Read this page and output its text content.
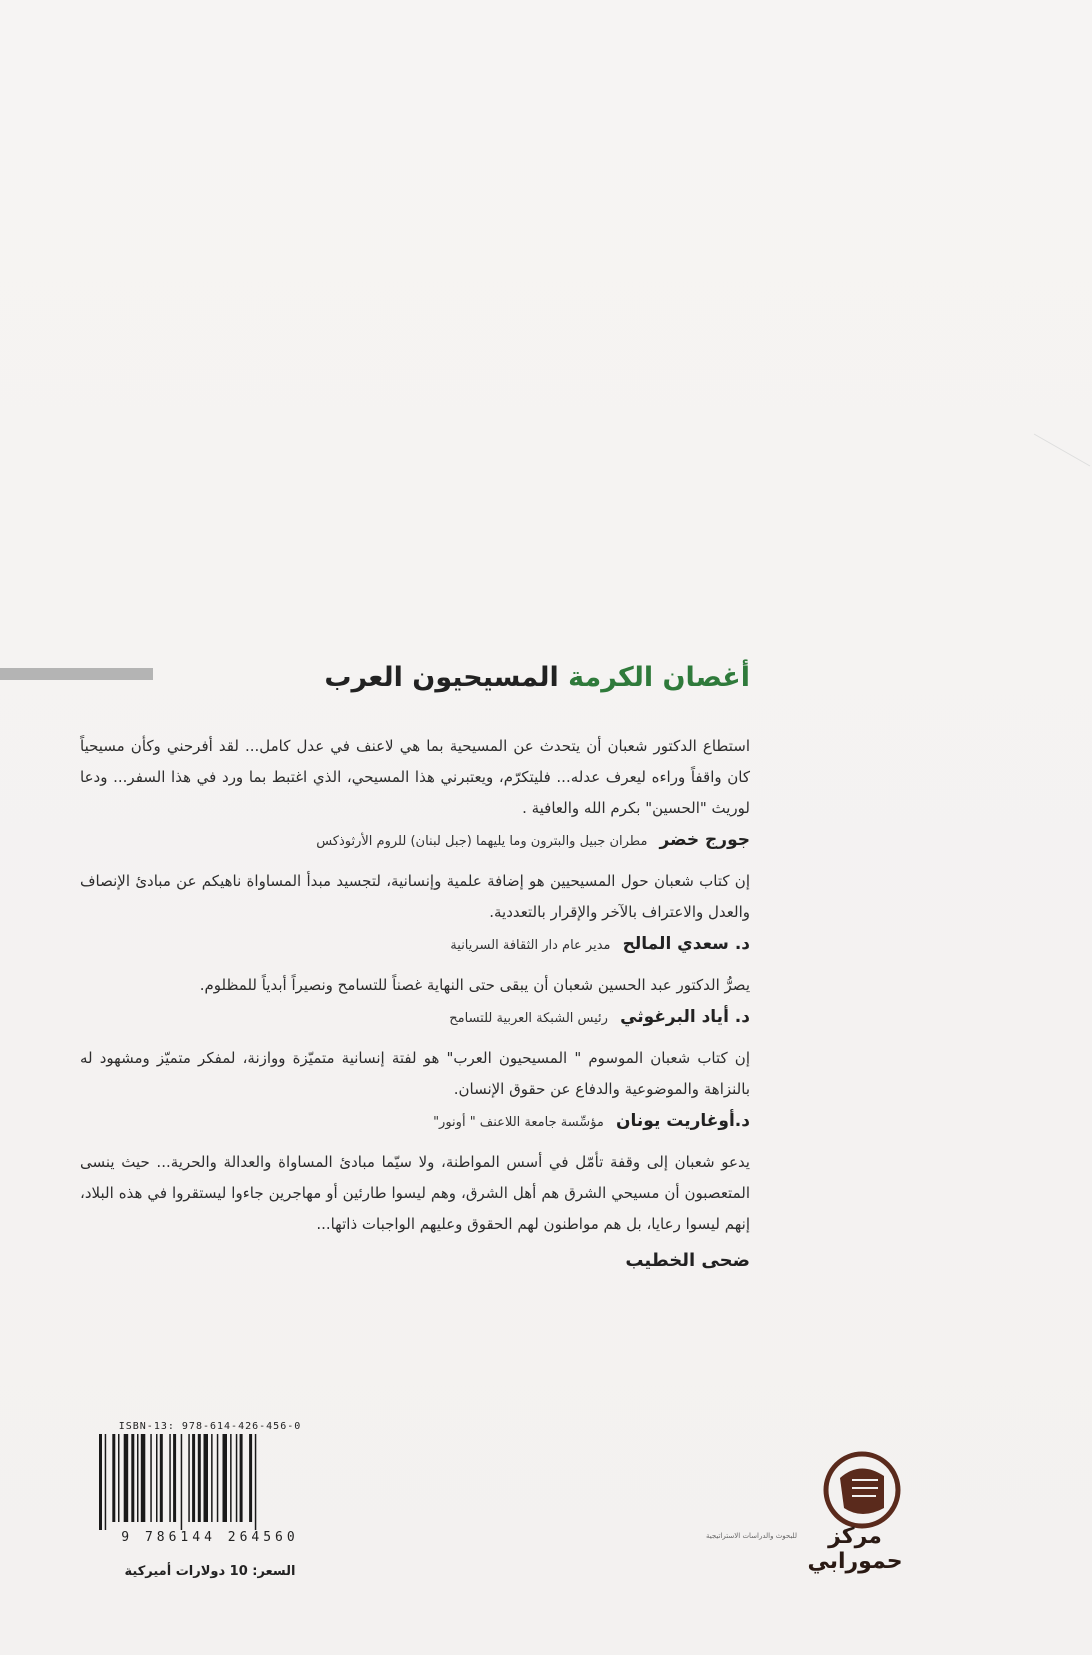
أغصان الكرمة المسيحيون العرب

استطاع الدكتور شعبان أن يتحدث عن المسيحية بما هي لاعنف في عدل كامل... لقد أفرحني وكأن مسيحياً كان واقفاً وراءه ليعرف عدله... فليتكرّم، ويعتبرني هذا المسيحي، الذي اغتبط بما ورد في هذا السفر... ودعا لوريث "الحسين" بكرم الله والعافية .

جورج خضر مطران جبيل والبترون وما يليهما (جبل لبنان) للروم الأرثوذكس

إن كتاب شعبان حول المسيحيين هو إضافة علمية وإنسانية، لتجسيد مبدأ المساواة ناهيكم عن مبادئ الإنصاف والعدل والاعتراف بالآخر والإقرار بالتعددية.

د. سعدي المالح مدير عام دار الثقافة السريانية

يصرُّ الدكتور عبد الحسين شعبان أن يبقى حتى النهاية غصناً للتسامح ونصيراً أبدياً للمظلوم.

د. أياد البرغوثي رئيس الشبكة العربية للتسامح

إن كتاب شعبان الموسوم " المسيحيون العرب" هو لفتة إنسانية متميّزة ووازنة، لمفكر متميّز ومشهود له بالنزاهة والموضوعية والدفاع عن حقوق الإنسان.

د.أوغاريت يونان مؤسِّسة جامعة اللاعنف " أونور"

يدعو شعبان إلى وقفة تأمّل في أسس المواطنة، ولا سيّما مبادئ المساواة والعدالة والحرية... حيث ينسى المتعصبون أن مسيحي الشرق هم أهل الشرق، وهم ليسوا طارئين أو مهاجرين جاءوا ليستقروا في هذه البلاد، إنهم ليسوا رعايا، بل هم مواطنون لهم الحقوق وعليهم الواجبات ذاتها...

ضحى الخطيب
ISBN-13: 978-614-426-456-0
9 786144 264560
السعر: 10 دولارات أميركية
مركز حمورابي
للبحوث والدراسات الاستراتيجية
